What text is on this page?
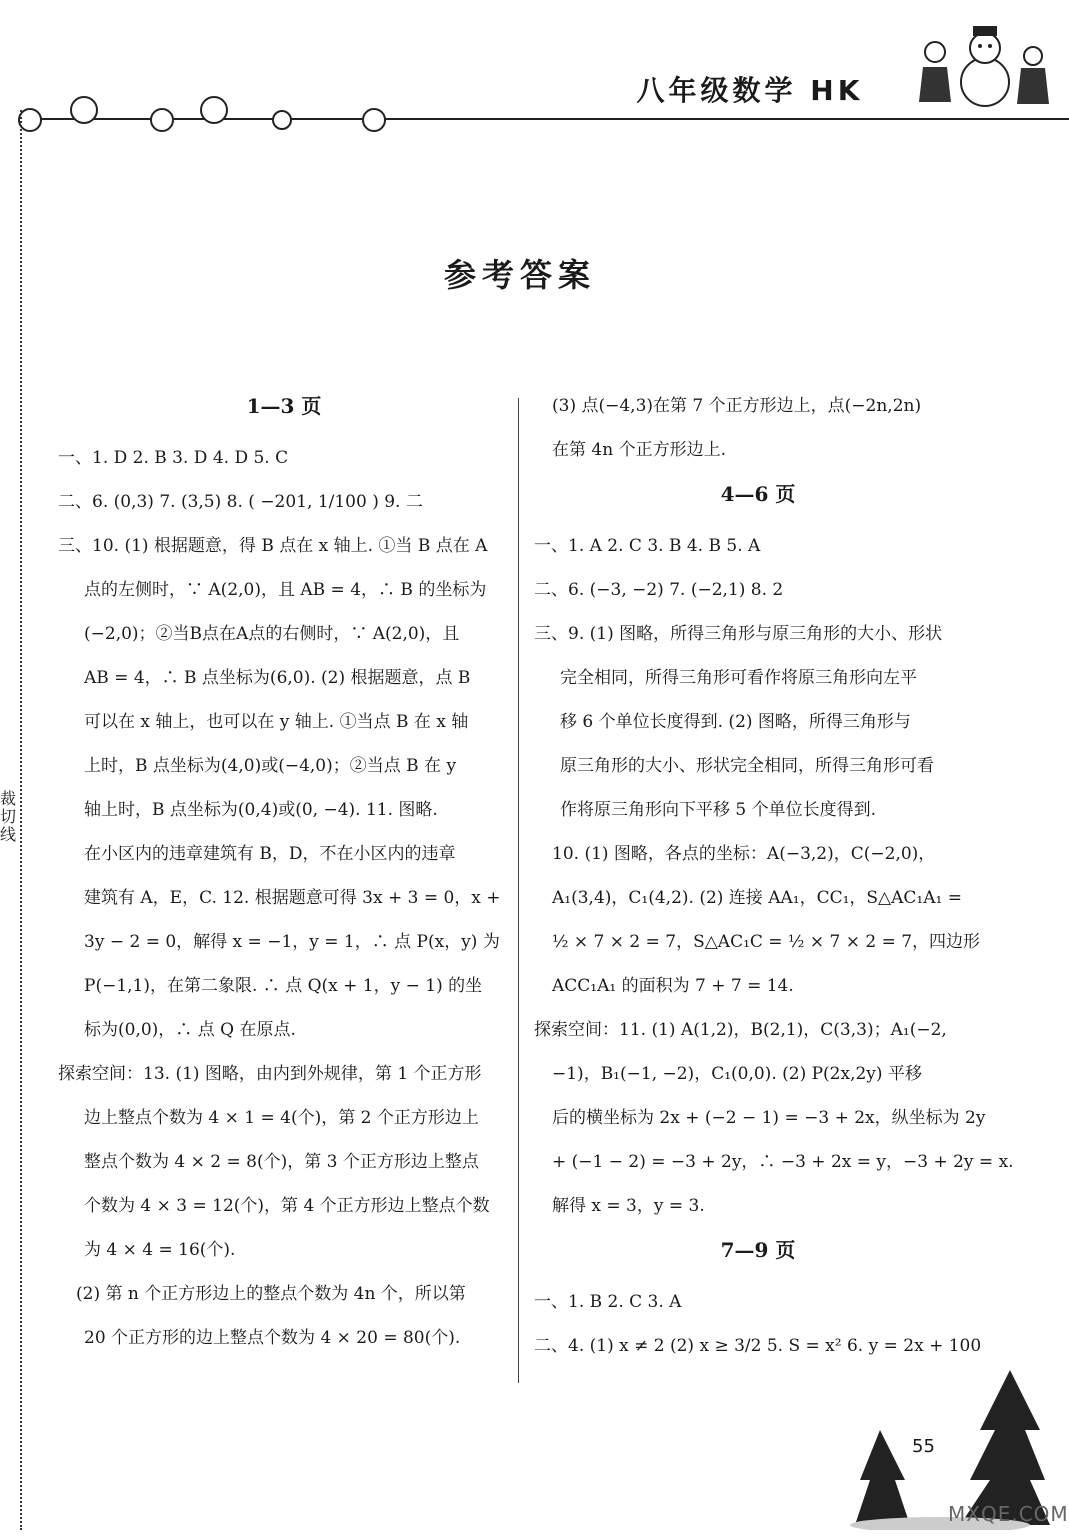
八年级数学 HK
裁切线
参考答案
1—3 页
一、1. D 2. B 3. D 4. D 5. C
二、6. (0,3) 7. (3,5) 8. ( −201, 1/100 ) 9. 二
三、10. (1) 根据题意，得 B 点在 x 轴上. ①当 B 点在 A
点的左侧时，∵ A(2,0)，且 AB = 4，∴ B 的坐标为
(−2,0)；②当B点在A点的右侧时，∵ A(2,0)，且
AB = 4，∴ B 点坐标为(6,0). (2) 根据题意，点 B
可以在 x 轴上，也可以在 y 轴上. ①当点 B 在 x 轴
上时，B 点坐标为(4,0)或(−4,0)；②当点 B 在 y
轴上时，B 点坐标为(0,4)或(0, −4). 11. 图略.
在小区内的违章建筑有 B，D，不在小区内的违章
建筑有 A，E，C. 12. 根据题意可得 3x + 3 = 0，x +
3y − 2 = 0，解得 x = −1，y = 1，∴ 点 P(x，y) 为
P(−1,1)，在第二象限. ∴ 点 Q(x + 1，y − 1) 的坐
标为(0,0)，∴ 点 Q 在原点.
探索空间：13. (1) 图略，由内到外规律，第 1 个正方形
边上整点个数为 4 × 1 = 4(个)，第 2 个正方形边上
整点个数为 4 × 2 = 8(个)，第 3 个正方形边上整点
个数为 4 × 3 = 12(个)，第 4 个正方形边上整点个数
为 4 × 4 = 16(个).
(2) 第 n 个正方形边上的整点个数为 4n 个，所以第
20 个正方形的边上整点个数为 4 × 20 = 80(个).
(3) 点(−4,3)在第 7 个正方形边上，点(−2n,2n)
在第 4n 个正方形边上.
4—6 页
一、1. A 2. C 3. B 4. B 5. A
二、6. (−3, −2) 7. (−2,1) 8. 2
三、9. (1) 图略，所得三角形与原三角形的大小、形状
完全相同，所得三角形可看作将原三角形向左平
移 6 个单位长度得到. (2) 图略，所得三角形与
原三角形的大小、形状完全相同，所得三角形可看
作将原三角形向下平移 5 个单位长度得到.
10. (1) 图略，各点的坐标：A(−3,2)，C(−2,0)，
A₁(3,4)，C₁(4,2). (2) 连接 AA₁，CC₁，S△AC₁A₁ =
½ × 7 × 2 = 7，S△AC₁C = ½ × 7 × 2 = 7，四边形
ACC₁A₁ 的面积为 7 + 7 = 14.
探索空间：11. (1) A(1,2)，B(2,1)，C(3,3)；A₁(−2,
−1)，B₁(−1, −2)，C₁(0,0). (2) P(2x,2y) 平移
后的横坐标为 2x + (−2 − 1) = −3 + 2x，纵坐标为 2y
+ (−1 − 2) = −3 + 2y，∴ −3 + 2x = y，−3 + 2y = x.
解得 x = 3，y = 3.
7—9 页
一、1. B 2. C 3. A
二、4. (1) x ≠ 2 (2) x ≥ 3/2 5. S = x² 6. y = 2x + 100
55
MXQE.COM
